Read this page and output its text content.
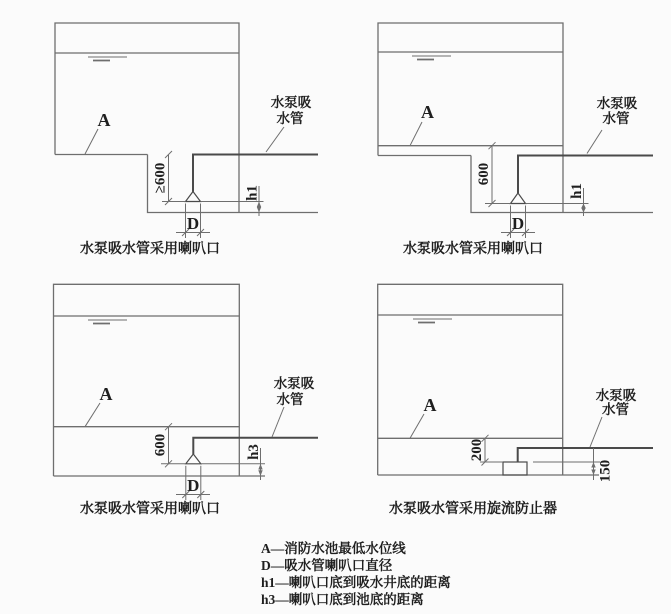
≥600	h1
D
A
水泵吸
水管
水泵吸水管采用喇叭口
600
h1
D
A	水泵吸
水管
水泵吸水管采用喇叭口
600	h3
D
A
水泵吸
水管
水泵吸水管采用喇叭口
200
150
A	水泵吸
水管
水泵吸水管采用旋流防止器
A—消防水池最低水位线
D—吸水管喇叭口直径
h1—喇叭口底到吸水井底的距离
h3—喇叭口底到池底的距离
